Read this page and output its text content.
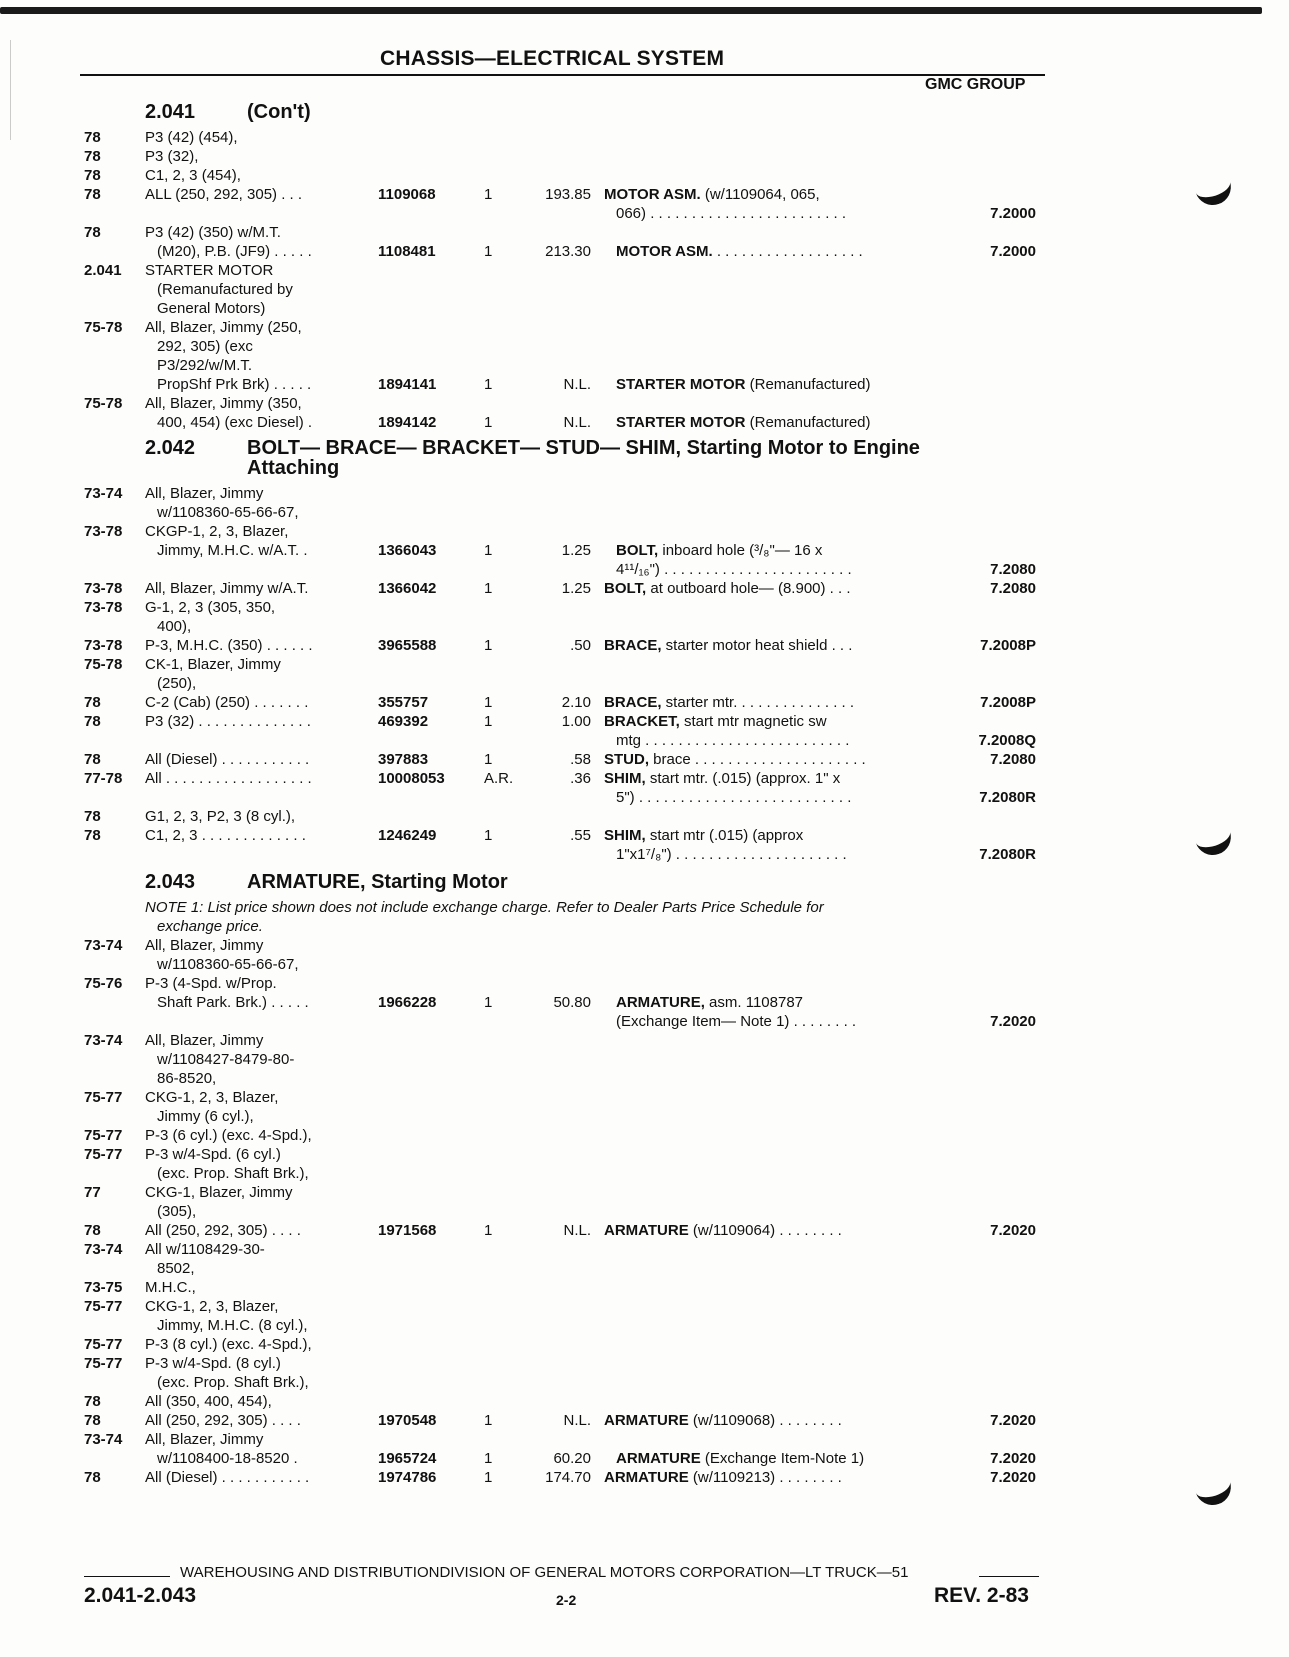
CHASSIS—ELECTRICAL SYSTEM
GMC GROUP
2.041	(Con't)
78	P3 (42) (454),
78	P3 (32),
78	C1, 2, 3 (454),
78	ALL (250, 292, 305) . . .	1109068	1	193.85 MOTOR ASM. (w/1109064, 065,
066) . . . . . . . . . . . . . . . . . . . . . . . .	7.2000
78	P3 (42) (350) w/M.T.
(M20), P.B. (JF9) . . . . .	1108481	1	213.30	MOTOR ASM. . . . . . . . . . . . . . . . . . .	7.2000
2.041 STARTER MOTOR
(Remanufactured by
General Motors)
75-78 All, Blazer, Jimmy (250,
292, 305) (exc
P3/292/w/M.T.
PropShf Prk Brk) . . . . .	1894141	1	N.L.	STARTER MOTOR (Remanufactured)
75-78 All, Blazer, Jimmy (350,
400, 454) (exc Diesel) .	1894142	1	N.L.	STARTER MOTOR (Remanufactured)
2.042	BOLT— BRACE— BRACKET— STUD— SHIM, Starting Motor to Engine
Attaching
73-74 All, Blazer, Jimmy
w/1108360-65-66-67,
73-78 CKGP-1, 2, 3, Blazer,
Jimmy, M.H.C. w/A.T. .	1366043	1	1.25	BOLT, inboard hole (³/₈"— 16 x
4¹¹/₁₆") . . . . . . . . . . . . . . . . . . . . . . .	7.2080
73-78 All, Blazer, Jimmy w/A.T.	1366042	1	1.25 BOLT, at outboard hole— (8.900) . . .	7.2080
73-78 G-1, 2, 3 (305, 350,
400),
73-78 P-3, M.H.C. (350) . . . . . .	3965588	1	.50 BRACE, starter motor heat shield . . .	7.2008P
75-78 CK-1, Blazer, Jimmy
(250),
78	C-2 (Cab) (250) . . . . . . .	355757	1	2.10 BRACE, starter mtr. . . . . . . . . . . . . . .	7.2008P
78	P3 (32) . . . . . . . . . . . . . .	469392	1	1.00 BRACKET, start mtr magnetic sw
mtg . . . . . . . . . . . . . . . . . . . . . . . . .	7.2008Q
78	All (Diesel) . . . . . . . . . . .	397883	1	.58 STUD, brace . . . . . . . . . . . . . . . . . . . . .	7.2080
77-78 All . . . . . . . . . . . . . . . . . .	10008053	A.R.	.36 SHIM, start mtr. (.015) (approx. 1" x
5") . . . . . . . . . . . . . . . . . . . . . . . . . .	7.2080R
78	G1, 2, 3, P2, 3 (8 cyl.),
78	C1, 2, 3 . . . . . . . . . . . . .	1246249	1	.55 SHIM, start mtr (.015) (approx
1"x1⁷/₈") . . . . . . . . . . . . . . . . . . . . .	7.2080R
2.043	ARMATURE, Starting Motor
NOTE 1: List price shown does not include exchange charge. Refer to Dealer Parts Price Schedule for
exchange price.
73-74 All, Blazer, Jimmy
w/1108360-65-66-67,
75-76 P-3 (4-Spd. w/Prop.
Shaft Park. Brk.) . . . . .	1966228	1	50.80	ARMATURE, asm. 1108787
(Exchange Item— Note 1) . . . . . . . .	7.2020
73-74 All, Blazer, Jimmy
w/1108427-8479-80-
86-8520,
75-77 CKG-1, 2, 3, Blazer,
Jimmy (6 cyl.),
75-77 P-3 (6 cyl.) (exc. 4-Spd.),
75-77 P-3 w/4-Spd. (6 cyl.)
(exc. Prop. Shaft Brk.),
77	CKG-1, Blazer, Jimmy
(305),
78	All (250, 292, 305) . . . .	1971568	1	N.L. ARMATURE (w/1109064) . . . . . . . .	7.2020
73-74 All w/1108429-30-
8502,
73-75 M.H.C.,
75-77 CKG-1, 2, 3, Blazer,
Jimmy, M.H.C. (8 cyl.),
75-77 P-3 (8 cyl.) (exc. 4-Spd.),
75-77 P-3 w/4-Spd. (8 cyl.)
(exc. Prop. Shaft Brk.),
78	All (350, 400, 454),
78	All (250, 292, 305) . . . .	1970548	1	N.L. ARMATURE (w/1109068) . . . . . . . .	7.2020
73-74 All, Blazer, Jimmy
w/1108400-18-8520 .	1965724	1	60.20	ARMATURE (Exchange Item-Note 1)	7.2020
78	All (Diesel) . . . . . . . . . . .	1974786	1	174.70 ARMATURE (w/1109213) . . . . . . . .	7.2020
WAREHOUSING AND DISTRIBUTIONDIVISION OF GENERAL MOTORS CORPORATION—LT TRUCK—51
2.041-2.043	2-2	REV. 2-83
